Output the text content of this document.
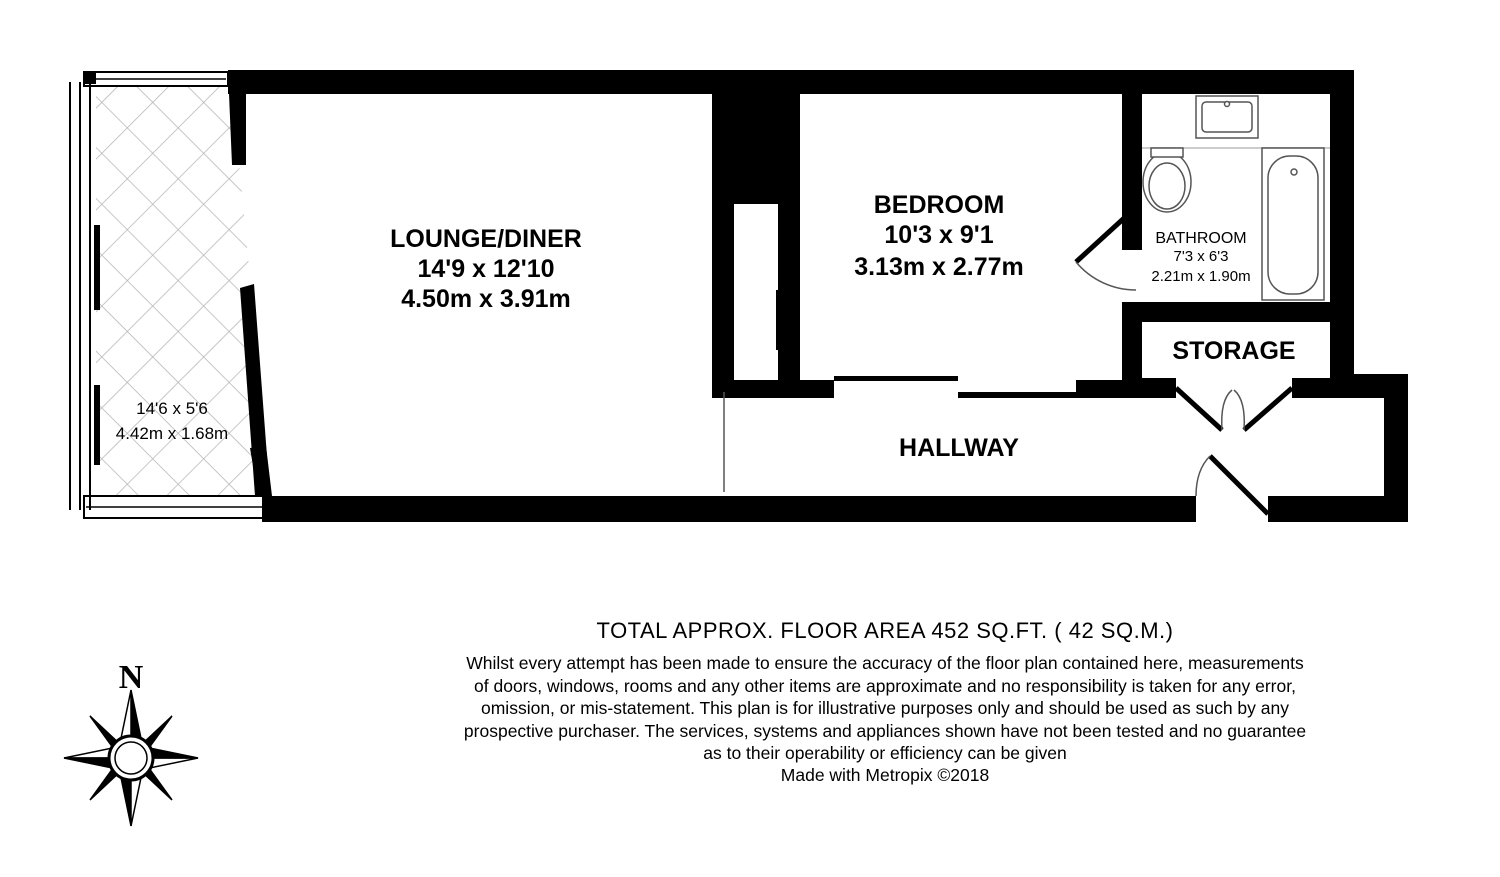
LOUNGE/DINER
14'9 x 12'10
4.50m x 3.91m
BEDROOM
10'3 x 9'1
3.13m x 2.77m
BATHROOM
7'3 x 6'3
2.21m x 1.90m
STORAGE
HALLWAY
14'6 x 5'6
4.42m x 1.68m
N
TOTAL APPROX. FLOOR AREA 452 SQ.FT. ( 42 SQ.M.)
Whilst every attempt has been made to ensure the accuracy of the floor plan contained here, measurements
of doors, windows, rooms and any other items are approximate and no responsibility is taken for any error,
omission, or mis-statement. This plan is for illustrative purposes only and should be used as such by any
prospective purchaser. The services, systems and appliances shown have not been tested and no guarantee
as to their operability or efficiency can be given
Made with Metropix ©2018
